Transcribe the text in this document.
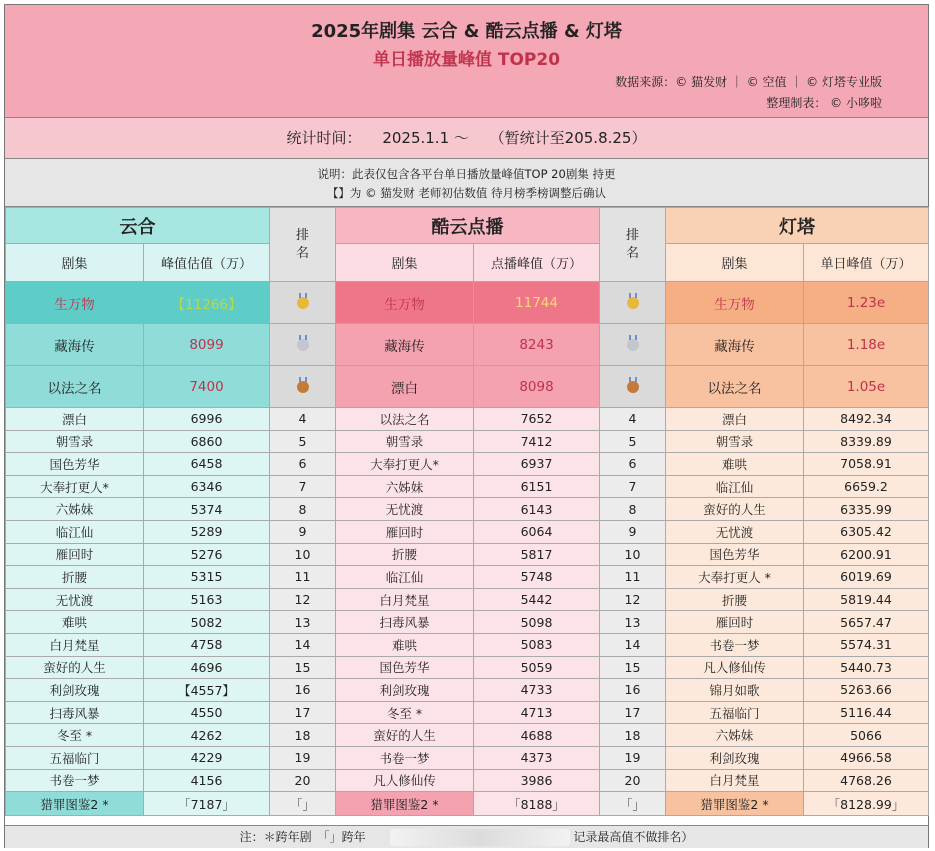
2025年剧集 云合 & 酷云点播 & 灯塔
单日播放量峰值 TOP20
数据来源：© 猫发财 ｜ © 空值 ｜ © 灯塔专业版
整理制表： © 小哆啦
统计时间： 2025.1.1 ～ （暂统计至205.8.25）
说明：此表仅包含各平台单日播放量峰值TOP 20剧集 持更
【】为 © 猫发财 老师初估数值 待月榜季榜调整后确认
云合		排名	酷云点播		排名	灯塔	
剧集	峰值估值（万）		剧集	点播峰值（万）		剧集	单日峰值（万）
生万物	【11266】		生万物	11744		生万物	1.23e
藏海传	8099		藏海传	8243		藏海传	1.18e
以法之名	7400		漂白	8098		以法之名	1.05e
漂白	6996	4	以法之名	7652	4	漂白	8492.34
朝雪录	6860	5	朝雪录	7412	5	朝雪录	8339.89
国色芳华	6458	6	大奉打更人*	6937	6	难哄	7058.91
大奉打更人*	6346	7	六姊妹	6151	7	临江仙	6659.2
六姊妹	5374	8	无忧渡	6143	8	蛮好的人生	6335.99
临江仙	5289	9	雁回时	6064	9	无忧渡	6305.42
雁回时	5276	10	折腰	5817	10	国色芳华	6200.91
折腰	5315	11	临江仙	5748	11	大奉打更人 *	6019.69
无忧渡	5163	12	白月梵星	5442	12	折腰	5819.44
难哄	5082	13	扫毒风暴	5098	13	雁回时	5657.47
白月梵星	4758	14	难哄	5083	14	书卷一梦	5574.31
蛮好的人生	4696	15	国色芳华	5059	15	凡人修仙传	5440.73
利剑玫瑰	【4557】	16	利剑玫瑰	4733	16	锦月如歌	5263.66
扫毒风暴	4550	17	冬至 *	4713	17	五福临门	5116.44
冬至 *	4262	18	蛮好的人生	4688	18	六姊妹	5066
五福临门	4229	19	书卷一梦	4373	19	利剑玫瑰	4966.58
书卷一梦	4156	20	凡人修仙传	3986	20	白月梵星	4768.26
猎罪图鉴2 *	「7187」	「」	猎罪图鉴2 *	「8188」	「」	猎罪图鉴2 *	「8128.99」
注：＊跨年剧　「」跨年	记录最高值不做排名）
